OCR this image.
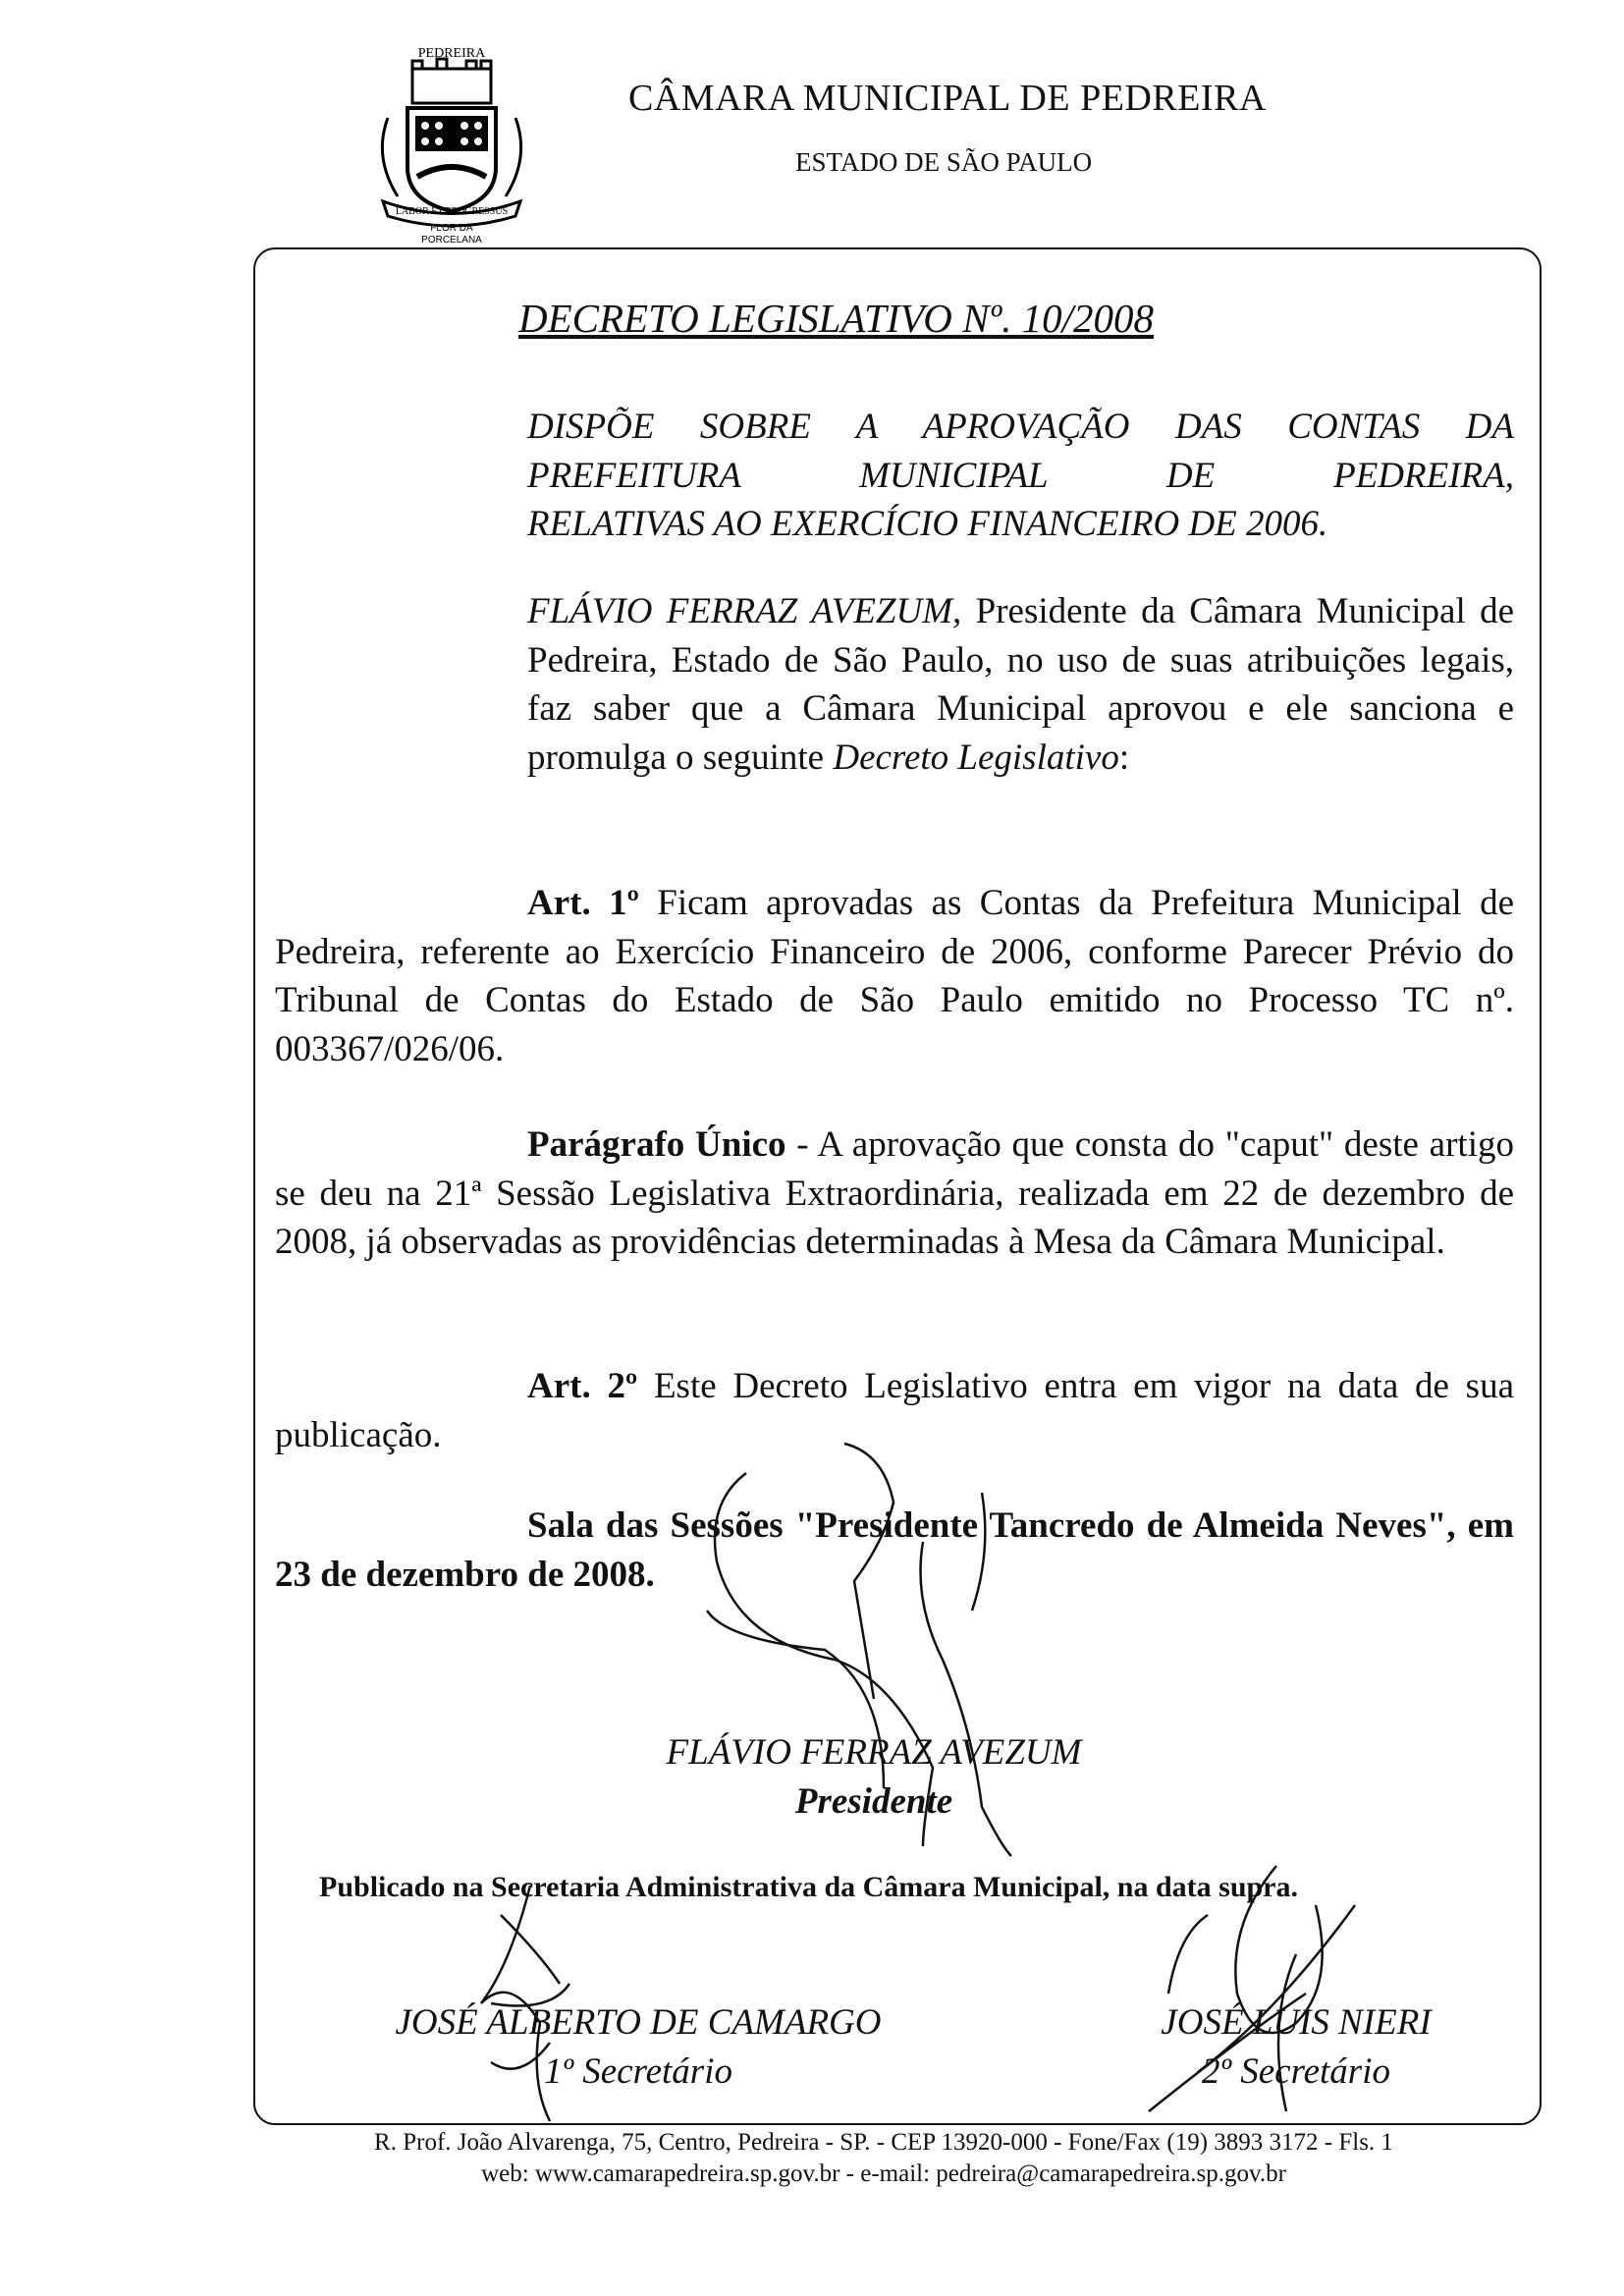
PEDREIRA
LABOR ET PROGRESSUS
FLOR DA
PORCELANA
CÂMARA MUNICIPAL DE PEDREIRA
ESTADO DE SÃO PAULO
DECRETO LEGISLATIVO Nº. 10/2008
DISPÕE SOBRE A APROVAÇÃO DAS CONTAS DA
PREFEITURA MUNICIPAL DE PEDREIRA,
RELATIVAS AO EXERCÍCIO FINANCEIRO DE 2006.
FLÁVIO FERRAZ AVEZUM, Presidente da Câmara Municipal de Pedreira, Estado de São Paulo, no uso de suas atribuições legais, faz saber que a Câmara Municipal aprovou e ele sanciona e promulga o seguinte Decreto Legislativo:
Art. 1º Ficam aprovadas as Contas da Prefeitura Municipal de Pedreira, referente ao Exercício Financeiro de 2006, conforme Parecer Prévio do Tribunal de Contas do Estado de São Paulo emitido no Processo TC nº. 003367/026/06.
Parágrafo Único - A aprovação que consta do "caput" deste artigo se deu na 21ª Sessão Legislativa Extraordinária, realizada em 22 de dezembro de 2008, já observadas as providências determinadas à Mesa da Câmara Municipal.
Art. 2º Este Decreto Legislativo entra em vigor na data de sua publicação.
Sala das Sessões "Presidente Tancredo de Almeida Neves", em 23 de dezembro de 2008.
FLÁVIO FERRAZ AVEZUM
Presidente
Publicado na Secretaria Administrativa da Câmara Municipal, na data supra.
JOSÉ ALBERTO DE CAMARGO
1º Secretário
JOSÉ LUIS NIERI
2º Secretário
R. Prof. João Alvarenga, 75, Centro, Pedreira - SP. - CEP 13920-000 - Fone/Fax (19) 3893 3172 - Fls. 1
web: www.camarapedreira.sp.gov.br - e-mail: pedreira@camarapedreira.sp.gov.br
